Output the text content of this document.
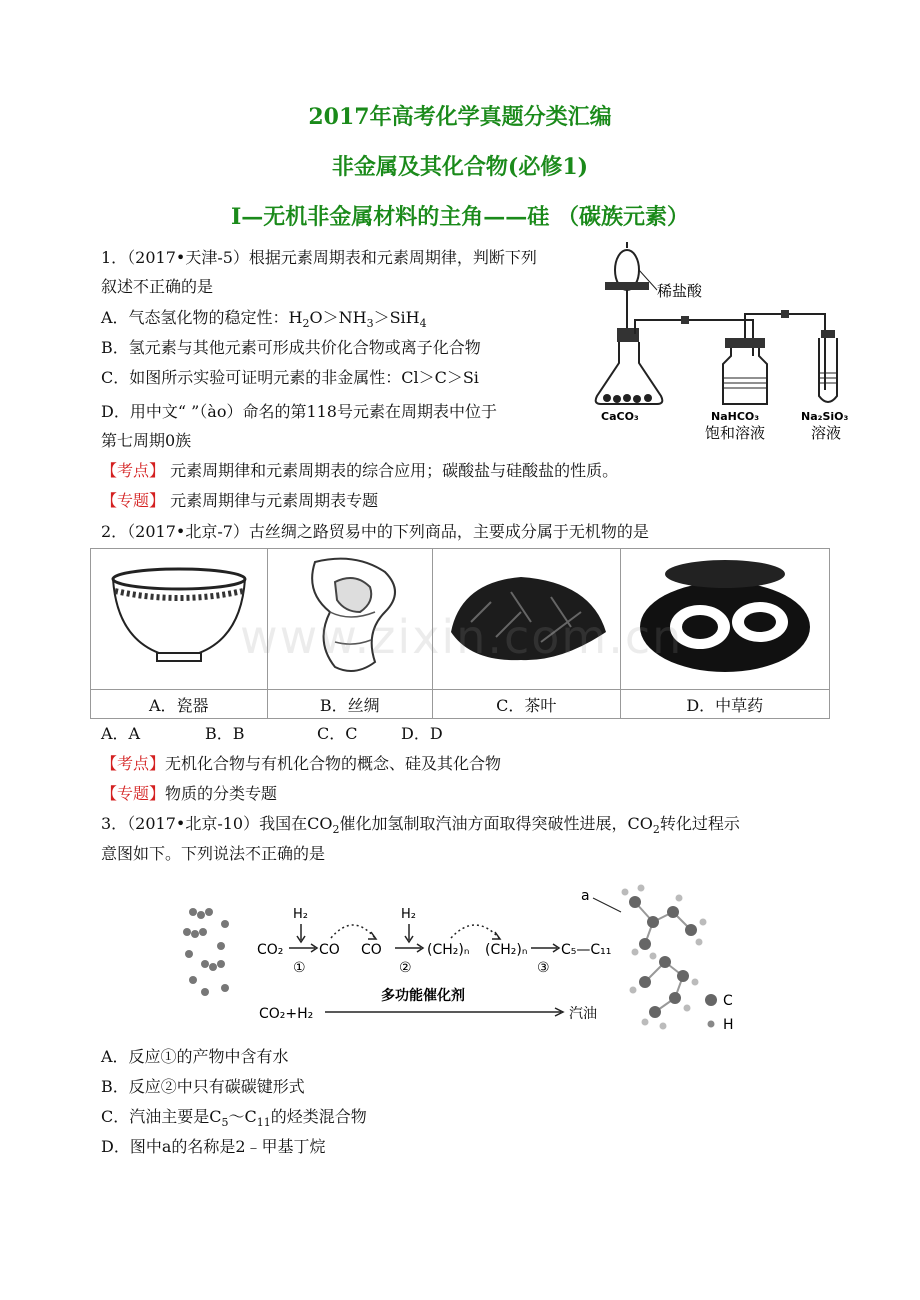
2017年高考化学真题分类汇编
非金属及其化合物(必修1)
Ⅰ—无机非金属材料的主角——硅 （碳族元素）
1．（2017•天津-5）根据元素周期表和元素周期律，判断下列
叙述不正确的是
A．气态氢化物的稳定性：$H_2O>NH_3>SiH_4$
B．氢元素与其他元素可形成共价化合物或离子化合物
C．如图所示实验可证明元素的非金属性：Cl＞C＞Si
D．用中文“ ”（ào）命名的第118号元素在周期表中位于
第七周期0族
【考点】 元素周期律和元素周期表的综合应用；碳酸盐与硅酸盐的性质。
【专题】 元素周期律与元素周期表专题
稀盐酸
CaCO₃	NaHCO₃
饱和溶液
Na₂SiO₃
溶液
2．（2017•北京-7）古丝绸之路贸易中的下列商品，主要成分属于无机物的是

A．瓷器	B．丝绸	C．茶叶	D．中草药
www.zixin.com.cn
A．A	B．B	C．C	D．D
【考点】无机化合物与有机化合物的概念、硅及其化合物
【专题】物质的分类专题
3．（2017•北京-10）我国在$CO_2$催化加氢制取汽油方面取得突破性进展，$CO_2$转化过程示
意图如下。下列说法不正确的是
CO₂
H₂
①
CO CO
H₂
②
(CH₂)ₙ (CH₂)ₙ
③
C₅—C₁₁
CO₂+H₂
多功能催化剂
汽油
a
C
H
A．反应①的产物中含有水
B．反应②中只有碳碳键形式
C．汽油主要是$C_5\sim C_{11}$的烃类混合物
D．图中a的名称是2﹣甲基丁烷
